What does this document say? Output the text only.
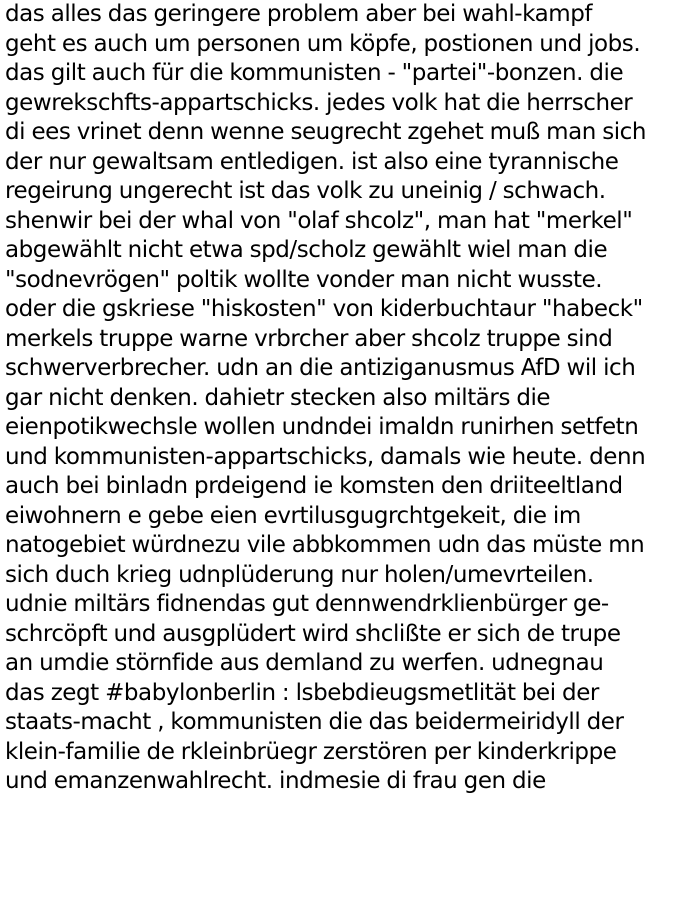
das alles das geringere problem aber bei wahl-kampf
geht es auch um personen um köpfe, postionen und jobs.
das gilt auch für die kommunisten - "partei"-bonzen. die
gewrekschfts-appartschicks. jedes volk hat die herrscher
di ees vrinet denn wenne seugrecht zgehet muß man sich
der nur gewaltsam entledigen. ist also eine tyrannische
regeirung ungerecht ist das volk zu uneinig / schwach.
shenwir bei der whal von "olaf shcolz", man hat "merkel"
abgewählt nicht etwa spd/scholz gewählt wiel man die
"sodnevrögen" poltik wollte vonder man nicht wusste.
oder die gskriese "hiskosten" von kiderbuchtaur "habeck"
merkels truppe warne vrbrcher aber shcolz truppe sind
schwerverbrecher. udn an die antiziganusmus AfD wil ich
gar nicht denken. dahietr stecken also miltärs die
eienpotikwechsle wollen undndei imaldn runirhen setfetn
und kommunisten-appartschicks, damals wie heute. denn
auch bei binladn prdeigend ie komsten den driiteeltland
eiwohnern e gebe eien evrtilusgugrchtgekeit, die im
natogebiet würdnezu vile abbkommen udn das müste mn
sich duch krieg udnplüderung nur holen/umevrteilen.
udnie miltärs fidnendas gut dennwendrklienbürger ge-
schrcöpft und ausgplüdert wird shclißte er sich de trupe
an umdie störnfide aus demland zu werfen. udnegnau
das zegt #babylonberlin : lsbebdieugsmetlität bei der
staats-macht , kommunisten die das beidermeiridyll der
klein-familie de rkleinbrüegr zerstören per kinderkrippe
und emanzenwahlrecht. indmesie di frau gen die
